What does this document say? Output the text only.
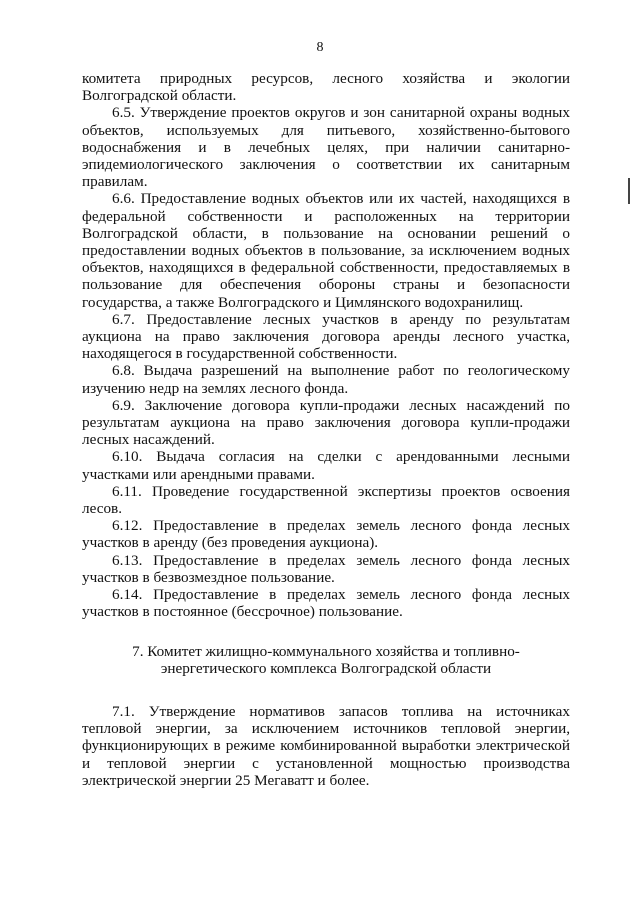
8

комитета природных ресурсов, лесного хозяйства и экологии Волгоградской области.

6.5. Утверждение проектов округов и зон санитарной охраны водных объектов, используемых для питьевого, хозяйственно-бытового водоснабжения и в лечебных целях, при наличии санитарно-эпидемиологического заключения о соответствии их санитарным правилам.

6.6. Предоставление водных объектов или их частей, находящихся в федеральной собственности и расположенных на территории Волгоградской области, в пользование на основании решений о предоставлении водных объектов в пользование, за исключением водных объектов, находящихся в федеральной собственности, предоставляемых в пользование для обеспечения обороны страны и безопасности государства, а также Волгоградского и Цимлянского водохранилищ.

6.7. Предоставление лесных участков в аренду по результатам аукциона на право заключения договора аренды лесного участка, находящегося в государственной собственности.

6.8. Выдача разрешений на выполнение работ по геологическому изучению недр на землях лесного фонда.

6.9. Заключение договора купли-продажи лесных насаждений по результатам аукциона на право заключения договора купли-продажи лесных насаждений.

6.10. Выдача согласия на сделки с арендованными лесными участками или арендными правами.

6.11. Проведение государственной экспертизы проектов освоения лесов.

6.12. Предоставление в пределах земель лесного фонда лесных участков в аренду (без проведения аукциона).

6.13. Предоставление в пределах земель лесного фонда лесных участков в безвозмездное пользование.

6.14. Предоставление в пределах земель лесного фонда лесных участков в постоянное (бессрочное) пользование.

7. Комитет жилищно-коммунального хозяйства и топливно-энергетического комплекса Волгоградской области

7.1. Утверждение нормативов запасов топлива на источниках тепловой энергии, за исключением источников тепловой энергии, функционирующих в режиме комбинированной выработки электрической и тепловой энергии с установленной мощностью производства электрической энергии 25 Мегаватт и более.
